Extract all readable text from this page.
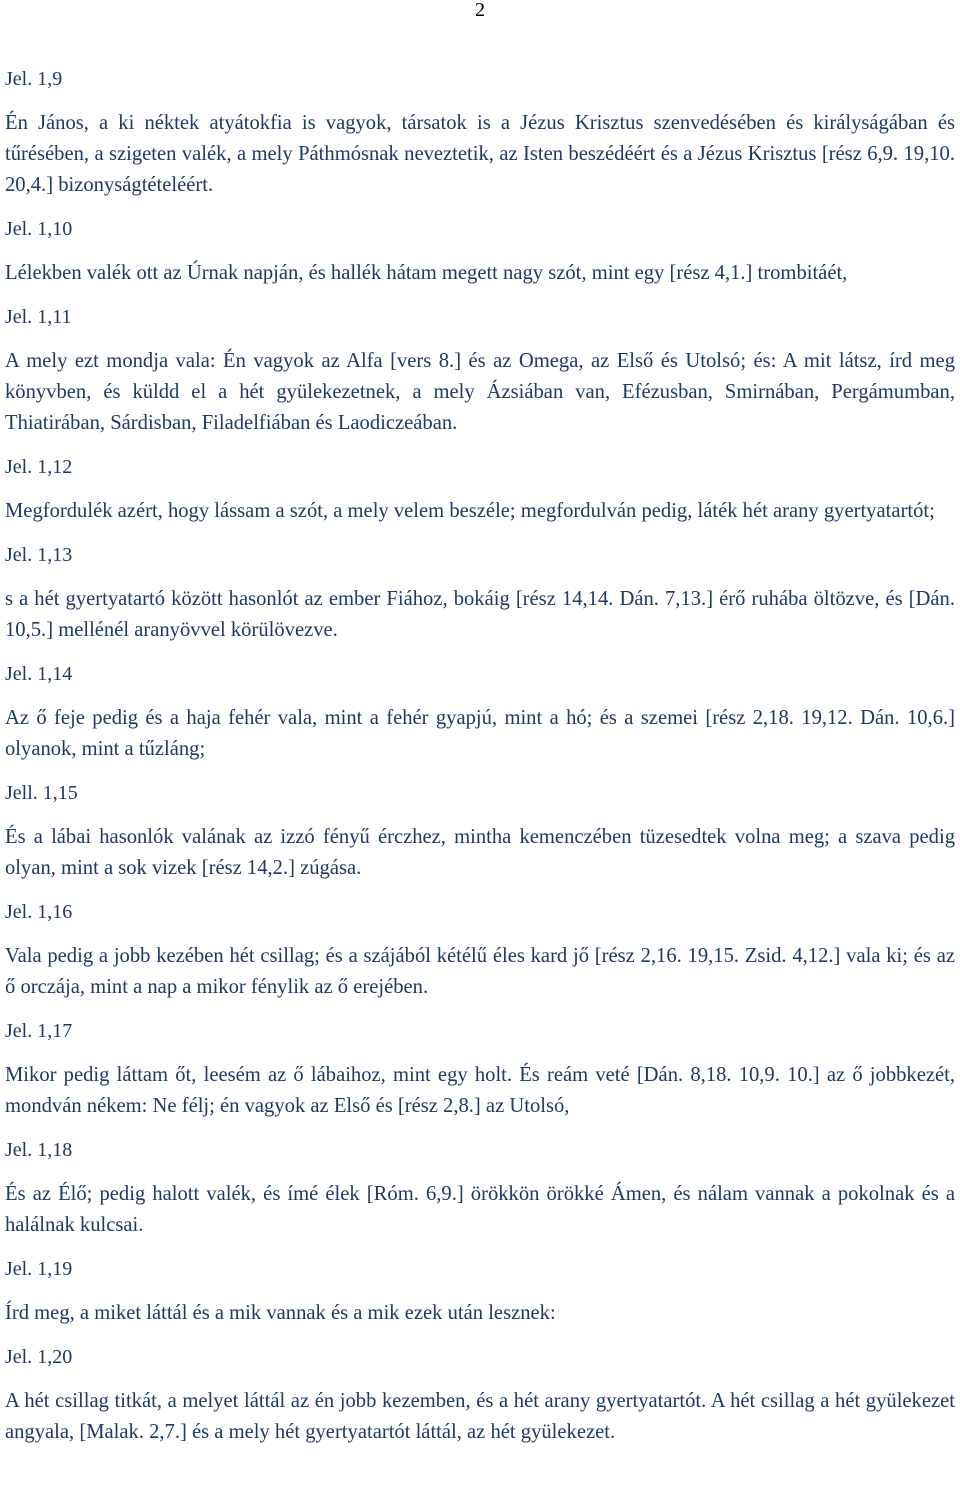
2

Jel. 1,9

Én János, a ki néktek atyátokfia is vagyok, társatok is a Jézus Krisztus szenvedésében és királyságában és tűrésében, a szigeten valék, a mely Páthmósnak neveztetik, az Isten beszédéért és a Jézus Krisztus [rész 6,9. 19,10. 20,4.] bizonyságtételéért.

Jel. 1,10

Lélekben valék ott az Úrnak napján, és hallék hátam megett nagy szót, mint egy [rész 4,1.] trombitáét,

Jel. 1,11

A mely ezt mondja vala: Én vagyok az Alfa [vers 8.] és az Omega, az Első és Utolsó; és: A mit látsz, írd meg könyvben, és küldd el a hét gyülekezetnek, a mely Ázsiában van, Efézusban, Smirnában, Pergámumban, Thiatirában, Sárdisban, Filadelfiában és Laodiczeában.

Jel. 1,12

Megfordulék azért, hogy lássam a szót, a mely velem beszéle; megfordulván pedig, láték hét arany gyertyatartót;

Jel. 1,13

s a hét gyertyatartó között hasonlót az ember Fiához, bokáig [rész 14,14. Dán. 7,13.] érő ruhába öltözve, és [Dán. 10,5.] mellénél aranyövvel körülövezve.

Jel. 1,14

Az ő feje pedig és a haja fehér vala, mint a fehér gyapjú, mint a hó; és a szemei [rész 2,18. 19,12. Dán. 10,6.] olyanok, mint a tűzláng;

Jell. 1,15

És a lábai hasonlók valának az izzó fényű érczhez, mintha kemenczében tüzesedtek volna meg; a szava pedig olyan, mint a sok vizek [rész 14,2.] zúgása.

Jel. 1,16

Vala pedig a jobb kezében hét csillag; és a szájából kétélű éles kard jő [rész 2,16. 19,15. Zsid. 4,12.] vala ki; és az ő orczája, mint a nap a mikor fénylik az ő erejében.

Jel. 1,17

Mikor pedig láttam őt, leesém az ő lábaihoz, mint egy holt. És reám veté [Dán. 8,18. 10,9. 10.] az ő jobbkezét, mondván nékem: Ne félj; én vagyok az Első és [rész 2,8.] az Utolsó,

Jel. 1,18

És az Élő; pedig halott valék, és ímé élek [Róm. 6,9.] örökkön örökké Ámen, és nálam vannak a pokolnak és a halálnak kulcsai.

Jel. 1,19

Írd meg, a miket láttál és a mik vannak és a mik ezek után lesznek:

Jel. 1,20

A hét csillag titkát, a melyet láttál az én jobb kezemben, és a hét arany gyertyatartót. A hét csillag a hét gyülekezet angyala, [Malak. 2,7.] és a mely hét gyertyatartót láttál, az hét gyülekezet.
